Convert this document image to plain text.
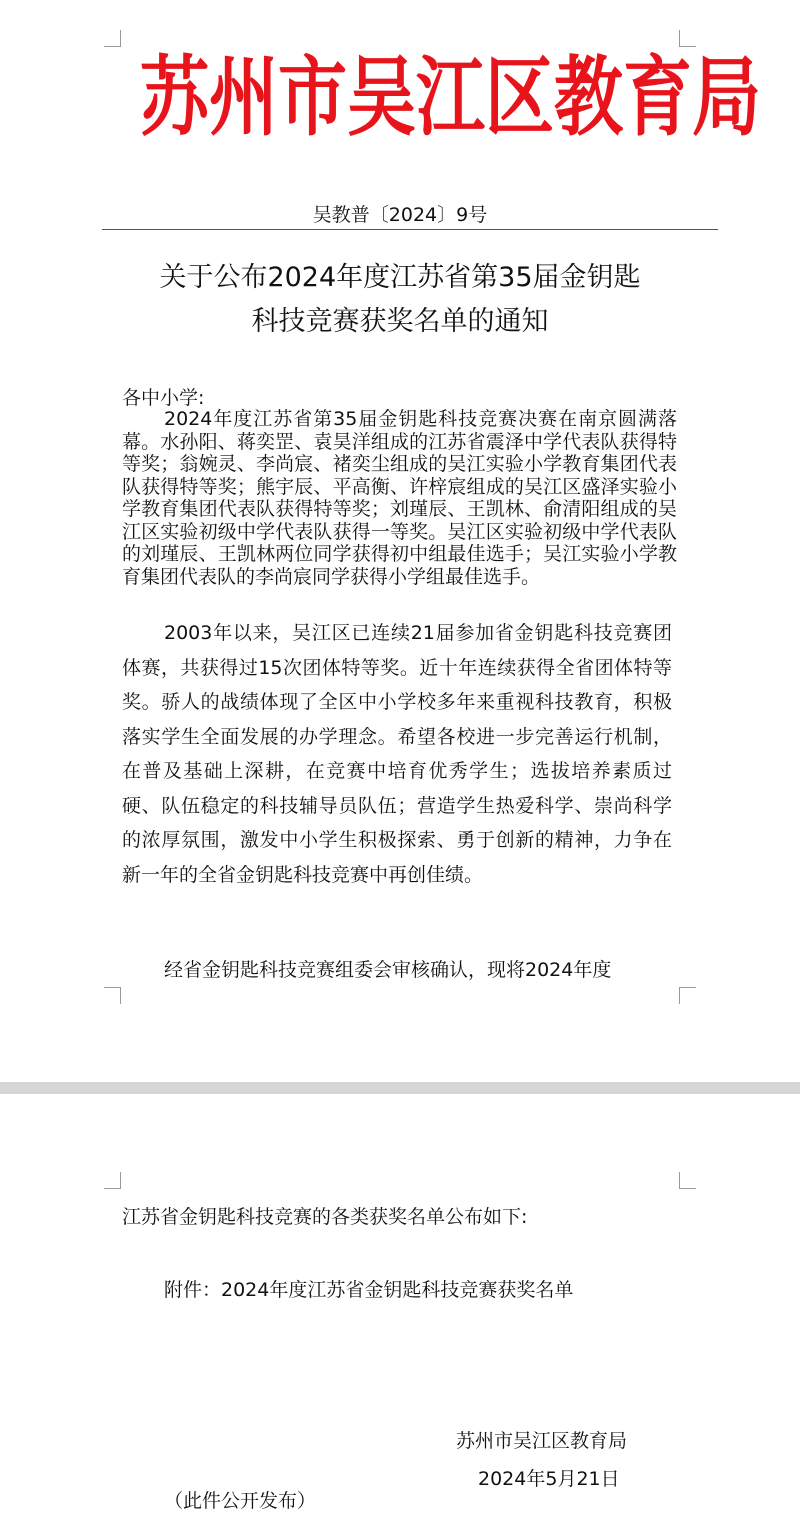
苏州市吴江区教育局
吴教普〔2024〕9号
关于公布2024年度江苏省第35届金钥匙
科技竞赛获奖名单的通知
各中小学:
2024年度江苏省第35届金钥匙科技竞赛决赛在南京圆满落幕。水孙阳、蒋奕罡、袁昊洋组成的江苏省震泽中学代表队获得特等奖；翁婉灵、李尚宸、褚奕尘组成的吴江实验小学教育集团代表队获得特等奖；熊宇辰、平高衡、许梓宸组成的吴江区盛泽实验小学教育集团代表队获得特等奖；刘瑾辰、王凯林、俞清阳组成的吴江区实验初级中学代表队获得一等奖。吴江区实验初级中学代表队的刘瑾辰、王凯林两位同学获得初中组最佳选手；吴江实验小学教育集团代表队的李尚宸同学获得小学组最佳选手。
2003年以来，吴江区已连续21届参加省金钥匙科技竞赛团体赛，共获得过15次团体特等奖。近十年连续获得全省团体特等奖。骄人的战绩体现了全区中小学校多年来重视科技教育，积极落实学生全面发展的办学理念。希望各校进一步完善运行机制，在普及基础上深耕，在竞赛中培育优秀学生；选拔培养素质过硬、队伍稳定的科技辅导员队伍；营造学生热爱科学、崇尚科学的浓厚氛围，激发中小学生积极探索、勇于创新的精神，力争在新一年的全省金钥匙科技竞赛中再创佳绩。
经省金钥匙科技竞赛组委会审核确认，现将2024年度
江苏省金钥匙科技竞赛的各类获奖名单公布如下:
附件：2024年度江苏省金钥匙科技竞赛获奖名单
苏州市吴江区教育局
2024年5月21日
（此件公开发布）
